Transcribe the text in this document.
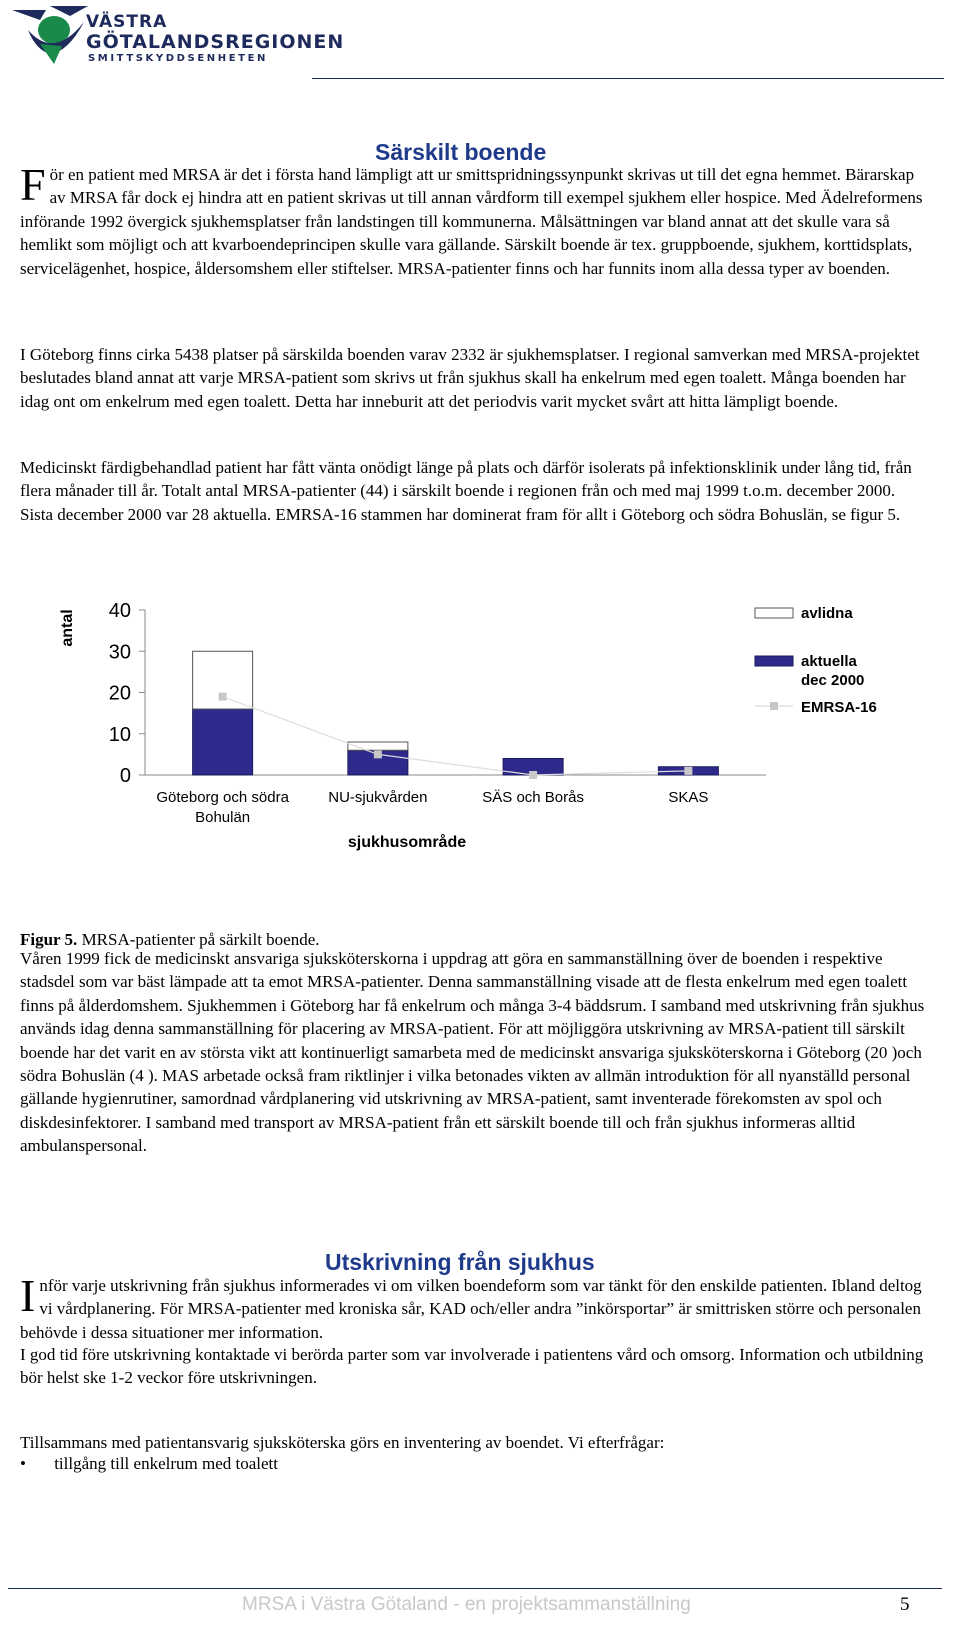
VÄSTRA
GÖTALANDSREGIONEN
SMITTSKYDDSENHETEN
Särskilt boende

För en patient med MRSA är det i första hand lämpligt att ur smittspridningssynpunkt skrivas ut till det egna hemmet. Bärarskap av MRSA får dock ej hindra att en patient skrivas ut till annan vårdform till exempel sjukhem eller hospice. Med Ädelreformens införande 1992 övergick sjukhemsplatser från landstingen till kommunerna. Målsättningen var bland annat att det skulle vara så hemlikt som möjligt och att kvarboendeprincipen skulle vara gällande. Särskilt boende är tex. gruppboende, sjukhem, korttidsplats, servicelägenhet, hospice, åldersomshem eller stiftelser. MRSA-patienter finns och har funnits inom alla dessa typer av boenden.

I Göteborg finns cirka 5438 platser på särskilda boenden varav 2332 är sjukhemsplatser. I regional samverkan med MRSA-projektet beslutades bland annat att varje MRSA-patient som skrivs ut från sjukhus skall ha enkelrum med egen toalett. Många boenden har idag ont om enkelrum med egen toalett. Detta har inneburit att det periodvis varit mycket svårt att hitta lämpligt boende.

Medicinskt färdigbehandlad patient har fått vänta onödigt länge på plats och därför isolerats på infektionsklinik under lång tid, från flera månader till år. Totalt antal MRSA-patienter (44) i särskilt boende i regionen från och med maj 1999 t.o.m. december 2000. Sista december 2000 var 28 aktuella. EMRSA-16 stammen har dominerat fram för allt i Göteborg och södra Bohuslän, se figur 5.

0
10
20
30
40
Göteborg och södra
Bohulän
NU-sjukvården	SÄS och Borås	SKAS
avlidna
aktuella
dec 2000
EMRSA-16
antal
sjukhusområde
Figur 5. MRSA-patienter på särkilt boende.

Våren 1999 fick de medicinskt ansvariga sjuksköterskorna i uppdrag att göra en sammanställning över de boenden i respektive stadsdel som var bäst lämpade att ta emot MRSA-patienter. Denna sammanställning visade att de flesta enkelrum med egen toalett finns på ålderdomshem. Sjukhemmen i Göteborg har få enkelrum och många 3-4 bäddsrum. I samband med utskrivning från sjukhus används idag denna sammanställning för placering av MRSA-patient. För att möjliggöra utskrivning av MRSA-patient till särskilt boende har det varit en av största vikt att kontinuerligt samarbeta med de medicinskt ansvariga sjuksköterskorna i Göteborg (20 )och södra Bohuslän (4 ). MAS arbetade också fram riktlinjer i vilka betonades vikten av allmän introduktion för all nyanställd personal gällande hygienrutiner, samordnad vårdplanering vid utskrivning av MRSA-patient, samt inventerade förekomsten av spol och diskdesinfektorer. I samband med transport av MRSA-patient från ett särskilt boende till och från sjukhus informeras alltid ambulanspersonal.

Utskrivning från sjukhus

Inför varje utskrivning från sjukhus informerades vi om vilken boendeform som var tänkt för den enskilde patienten. Ibland deltog vi vårdplanering. För MRSA-patienter med kroniska sår, KAD och/eller andra ”inkörsportar” är smittrisken större och personalen behövde i dessa situationer mer information.

I god tid före utskrivning kontaktade vi berörda parter som var involverade i patientens vård och omsorg. Information och utbildning bör helst ske 1-2 veckor före utskrivningen.

Tillsammans med patientansvarig sjuksköterska görs en inventering av boendet. Vi efterfrågar:

• tillgång till enkelrum med toalett
MRSA i Västra Götaland - en projektsammanställning	5
